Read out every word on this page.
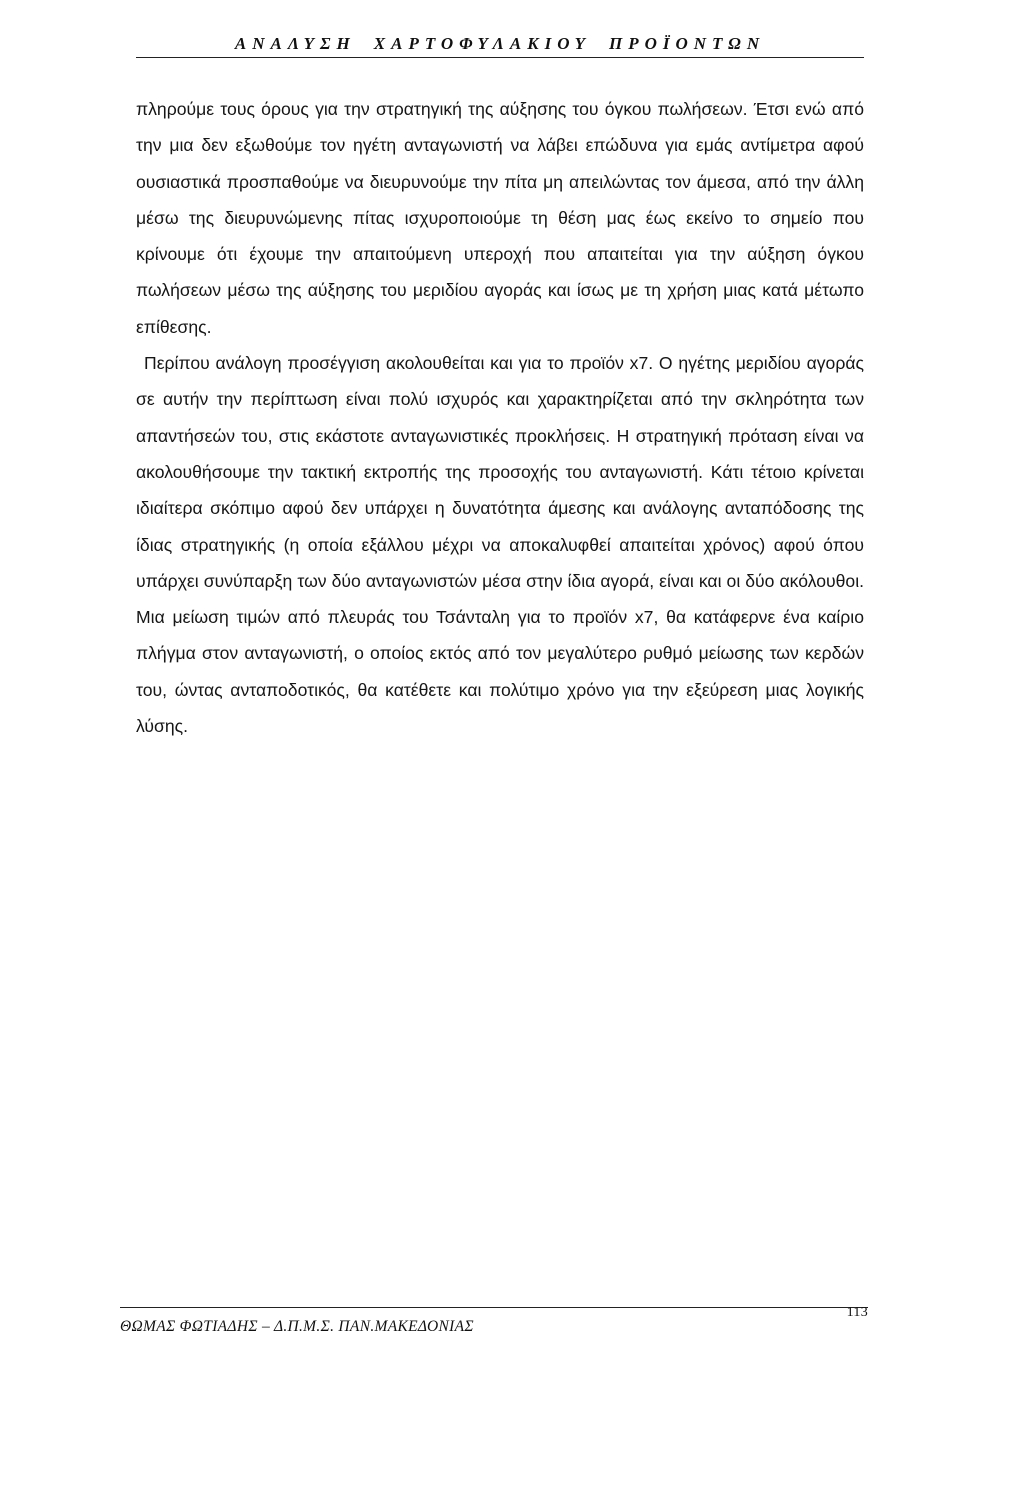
ΑΝΑΛΥΣΗ ΧΑΡΤΟΦΥΛΑΚΙΟΥ ΠΡΟΪΟΝΤΩΝ

πληρούμε τους όρους για την στρατηγική της αύξησης του όγκου πωλήσεων. Έτσι ενώ από την μια δεν εξωθούμε τον ηγέτη ανταγωνιστή να λάβει επώδυνα για εμάς αντίμετρα αφού ουσιαστικά προσπαθούμε να διευρυνούμε την πίτα μη απειλώντας τον άμεσα, από την άλλη μέσω της διευρυνώμενης πίτας ισχυροποιούμε τη θέση μας έως εκείνο το σημείο που κρίνουμε ότι έχουμε την απαιτούμενη υπεροχή που απαιτείται για την αύξηση όγκου πωλήσεων μέσω της αύξησης του μεριδίου αγοράς και ίσως με τη χρήση μιας κατά μέτωπο επίθεσης.

Περίπου ανάλογη προσέγγιση ακολουθείται και για το προϊόν x7. Ο ηγέτης μεριδίου αγοράς σε αυτήν την περίπτωση είναι πολύ ισχυρός και χαρακτηρίζεται από την σκληρότητα των απαντήσεών του, στις εκάστοτε ανταγωνιστικές προκλήσεις. Η στρατηγική πρόταση είναι να ακολουθήσουμε την τακτική εκτροπής της προσοχής του ανταγωνιστή. Κάτι τέτοιο κρίνεται ιδιαίτερα σκόπιμο αφού δεν υπάρχει η δυνατότητα άμεσης και ανάλογης ανταπόδοσης της ίδιας στρατηγικής (η οποία εξάλλου μέχρι να αποκαλυφθεί απαιτείται χρόνος) αφού όπου υπάρχει συνύπαρξη των δύο ανταγωνιστών μέσα στην ίδια αγορά, είναι και οι δύο ακόλουθοι. Μια μείωση τιμών από πλευράς του Τσάνταλη για το προϊόν x7, θα κατάφερνε ένα καίριο πλήγμα στον ανταγωνιστή, ο οποίος εκτός από τον μεγαλύτερο ρυθμό μείωσης των κερδών του, ώντας ανταποδοτικός, θα κατέθετε και πολύτιμο χρόνο για την εξεύρεση μιας λογικής λύσης.

ΘΩΜΑΣ ΦΩΤΙΑΔΗΣ – Δ.Π.Μ.Σ. ΠΑΝ.ΜΑΚΕΔΟΝΙΑΣ
113
